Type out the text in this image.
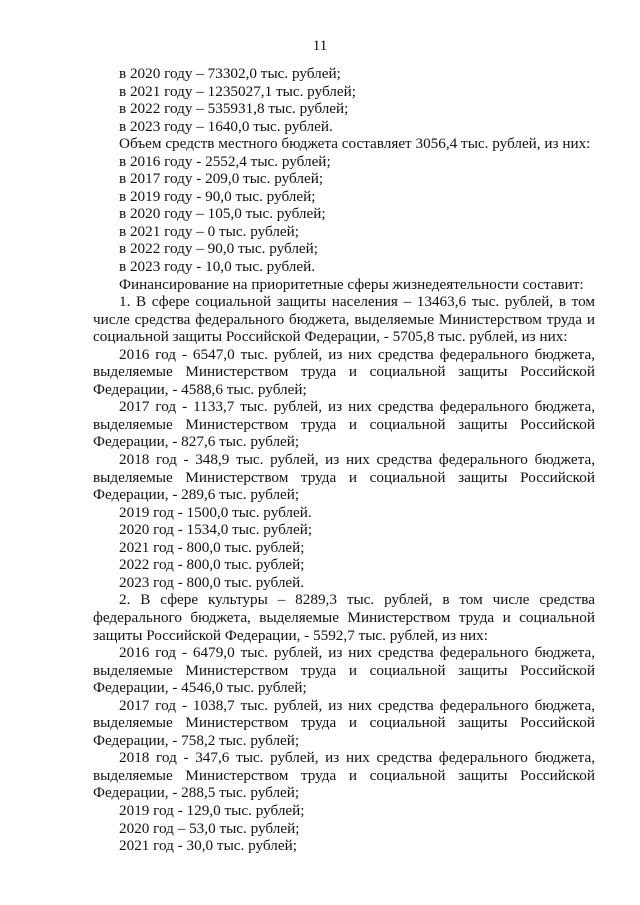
11
в 2020 году – 73302,0 тыс. рублей;
в 2021 году – 1235027,1 тыс. рублей;
в 2022 году – 535931,8 тыс. рублей;
в 2023 году – 1640,0 тыс. рублей.
Объем средств местного бюджета составляет 3056,4 тыс. рублей, из них:
в 2016 году - 2552,4 тыс. рублей;
в 2017 году - 209,0 тыс. рублей;
в 2019 году - 90,0 тыс. рублей;
в 2020 году – 105,0 тыс. рублей;
в 2021 году – 0 тыс. рублей;
в 2022 году – 90,0 тыс. рублей;
в 2023 году - 10,0 тыс. рублей.
Финансирование на приоритетные сферы жизнедеятельности составит:
1. В сфере социальной защиты населения – 13463,6 тыс. рублей, в том числе средства федерального бюджета, выделяемые Министерством труда и социальной защиты Российской Федерации, - 5705,8 тыс. рублей, из них:
2016 год - 6547,0 тыс. рублей, из них средства федерального бюджета, выделяемые Министерством труда и социальной защиты Российской Федерации, - 4588,6 тыс. рублей;
2017 год - 1133,7 тыс. рублей, из них средства федерального бюджета, выделяемые Министерством труда и социальной защиты Российской Федерации, - 827,6 тыс. рублей;
2018 год - 348,9 тыс. рублей, из них средства федерального бюджета, выделяемые Министерством труда и социальной защиты Российской Федерации, - 289,6 тыс. рублей;
2019 год - 1500,0 тыс. рублей.
2020 год - 1534,0 тыс. рублей;
2021 год - 800,0 тыс. рублей;
2022 год - 800,0 тыс. рублей;
2023 год - 800,0 тыс. рублей.
2. В сфере культуры – 8289,3 тыс. рублей, в том числе средства федерального бюджета, выделяемые Министерством труда и социальной защиты Российской Федерации, - 5592,7 тыс. рублей, из них:
2016 год - 6479,0 тыс. рублей, из них средства федерального бюджета, выделяемые Министерством труда и социальной защиты Российской Федерации, - 4546,0 тыс. рублей;
2017 год - 1038,7 тыс. рублей, из них средства федерального бюджета, выделяемые Министерством труда и социальной защиты Российской Федерации, - 758,2 тыс. рублей;
2018 год - 347,6 тыс. рублей, из них средства федерального бюджета, выделяемые Министерством труда и социальной защиты Российской Федерации, - 288,5 тыс. рублей;
2019 год - 129,0 тыс. рублей;
2020 год – 53,0 тыс. рублей;
2021 год - 30,0 тыс. рублей;
